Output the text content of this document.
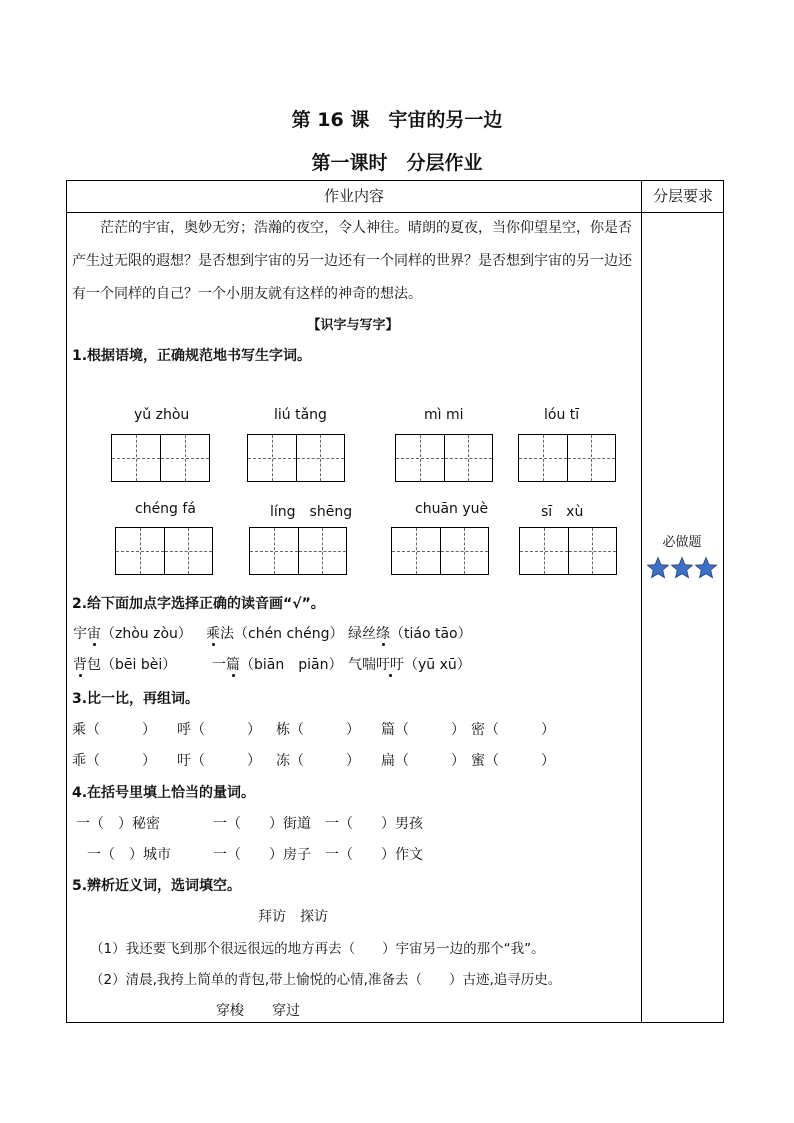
第 16 课　宇宙的另一边
第一课时　分层作业
作业内容	分层要求
茫茫的宇宙，奥妙无穷；浩瀚的夜空，令人神往。晴朗的夏夜，当你仰望星空，你是否产生过无限的遐想？是否想到宇宙的另一边还有一个同样的世界？是否想到宇宙的另一边还有一个同样的自己？一个小朋友就有这样的神奇的想法。
【识字与写字】
1.根据语境，正确规范地书写生字词。
yǔ zhòu	liú tǎng	mì mi	lóu tī
chéng fá	líng　shēng	chuān yuè	sī　xù
2.给下面加点字选择正确的读音画“√”。
宇宙（zhòu zòu） 乘法（chén chéng） 绿丝绦（tiáo tāo）
背包（bēi bèi）	一篇（biān　piān） 气喘吁吁（yū xū）
3.比一比，再组词。
乘（　　　） 呼（　　　） 栋（　　　） 篇（　　　） 密（　　　）
乖（　　　） 吁（　　　） 冻（　　　） 扁（　　　） 蜜（　　　）
4.在括号里填上恰当的量词。
一（　）秘密	一（　　）街道 一（　　）男孩
一（　）城市	一（　　）房子 一（　　）作文
5.辨析近义词，选词填空。
拜访　探访
（1）我还要飞到那个很远很远的地方再去（　　）宇宙另一边的那个“我”。
（2）清晨,我挎上简单的背包,带上愉悦的心情,准备去（　　）古迹,追寻历史。
穿梭　　穿过
必做题
